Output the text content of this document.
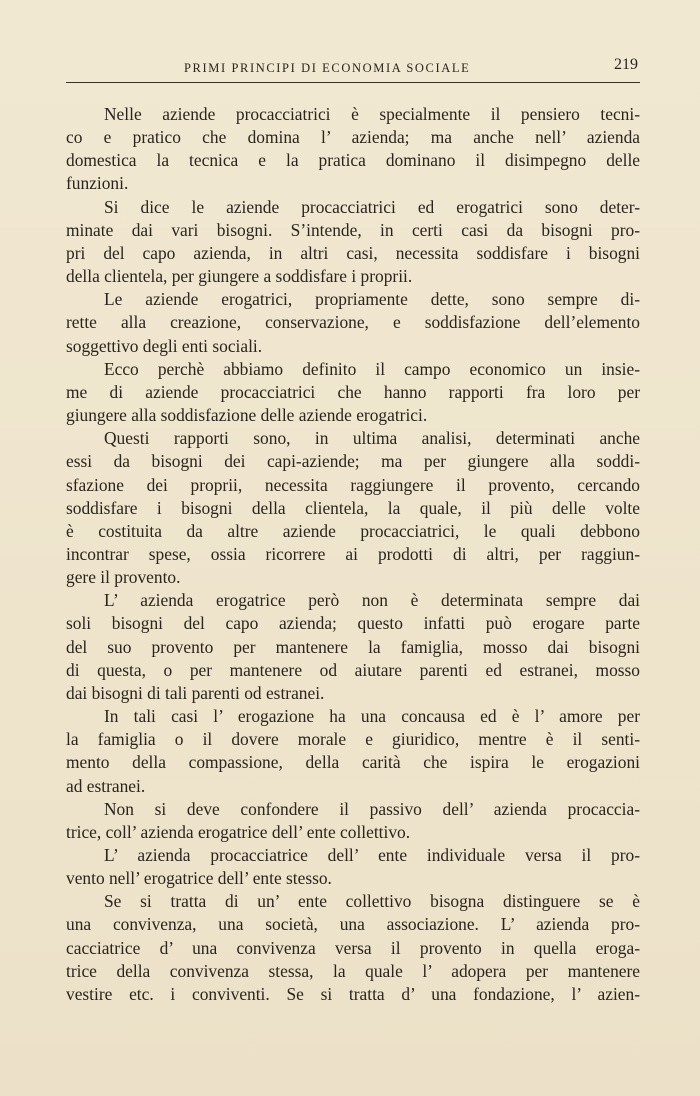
PRIMI PRINCIPI DI ECONOMIA SOCIALE	219
Nelle aziende procacciatrici è specialmente il pensiero tecni-
co e pratico che domina l’ azienda; ma anche nell’ azienda
domestica la tecnica e la pratica dominano il disimpegno delle
funzioni.
Si dice le aziende procacciatrici ed erogatrici sono deter-
minate dai vari bisogni. S’intende, in certi casi da bisogni pro-
pri del capo azienda, in altri casi, necessita soddisfare i bisogni
della clientela, per giungere a soddisfare i proprii.
Le aziende erogatrici, propriamente dette, sono sempre di-
rette alla creazione, conservazione, e soddisfazione dell’elemento
soggettivo degli enti sociali.
Ecco perchè abbiamo definito il campo economico un insie-
me di aziende procacciatrici che hanno rapporti fra loro per
giungere alla soddisfazione delle aziende erogatrici.
Questi rapporti sono, in ultima analisi, determinati anche
essi da bisogni dei capi-aziende; ma per giungere alla soddi-
sfazione dei proprii, necessita raggiungere il provento, cercando
soddisfare i bisogni della clientela, la quale, il più delle volte
è costituita da altre aziende procacciatrici, le quali debbono
incontrar spese, ossia ricorrere ai prodotti di altri, per raggiun-
gere il provento.
L’ azienda erogatrice però non è determinata sempre dai
soli bisogni del capo azienda; questo infatti può erogare parte
del suo provento per mantenere la famiglia, mosso dai bisogni
di questa, o per mantenere od aiutare parenti ed estranei, mosso
dai bisogni di tali parenti od estranei.
In tali casi l’ erogazione ha una concausa ed è l’ amore per
la famiglia o il dovere morale e giuridico, mentre è il senti-
mento della compassione, della carità che ispira le erogazioni
ad estranei.
Non si deve confondere il passivo dell’ azienda procaccia-
trice, coll’ azienda erogatrice dell’ ente collettivo.
L’ azienda procacciatrice dell’ ente individuale versa il pro-
vento nell’ erogatrice dell’ ente stesso.
Se si tratta di un’ ente collettivo bisogna distinguere se è
una convivenza, una società, una associazione. L’ azienda pro-
cacciatrice d’ una convivenza versa il provento in quella eroga-
trice della convivenza stessa, la quale l’ adopera per mantenere
vestire etc. i conviventi. Se si tratta d’ una fondazione, l’ azien-
